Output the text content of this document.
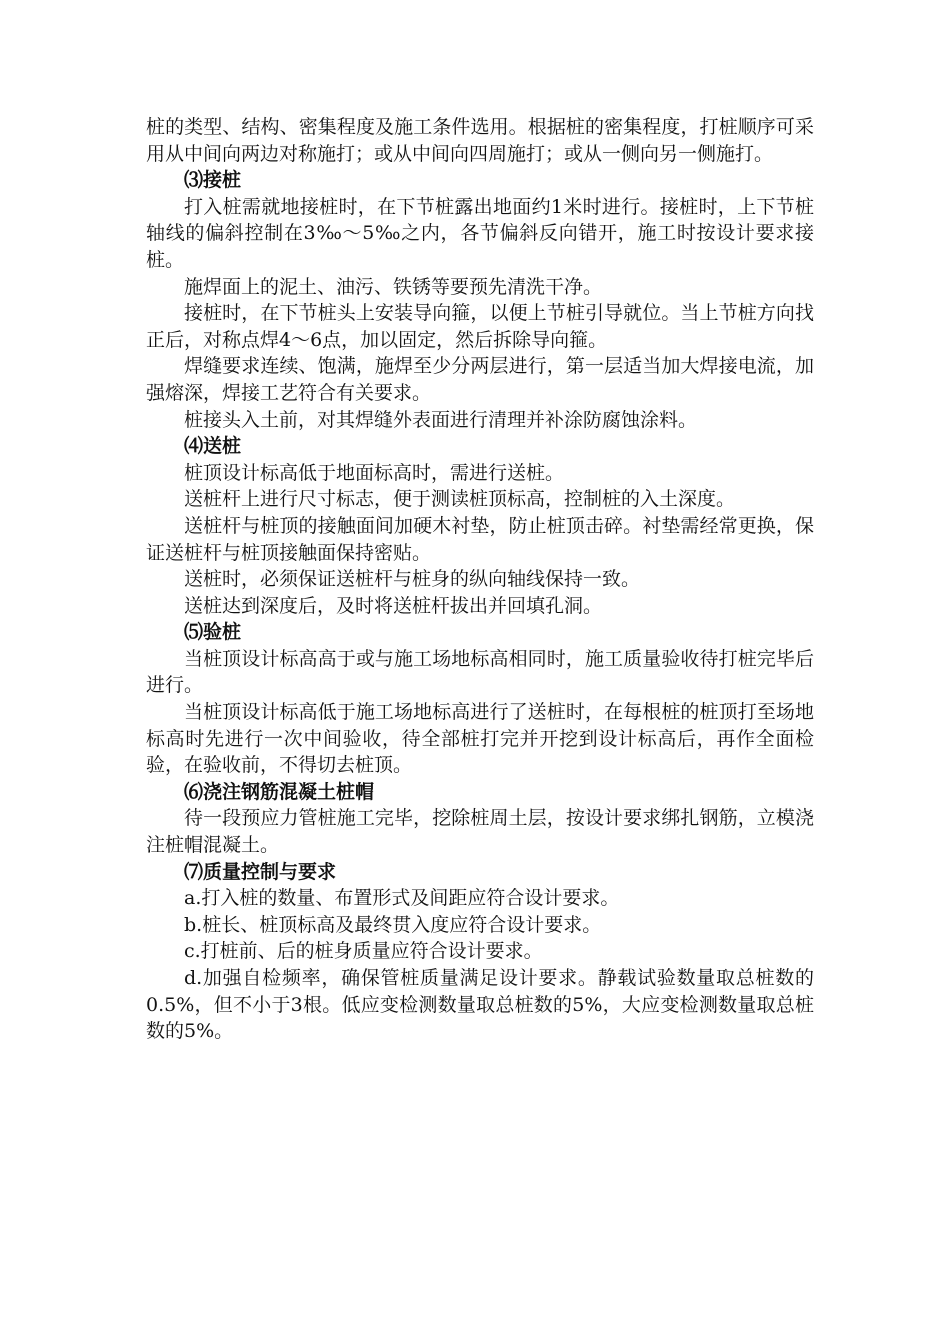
桩的类型、结构、密集程度及施工条件选用。根据桩的密集程度，打桩顺序可采用从中间向两边对称施打；或从中间向四周施打；或从一侧向另一侧施打。

⑶接桩

打入桩需就地接桩时，在下节桩露出地面约1米时进行。接桩时，上下节桩轴线的偏斜控制在3‰～5‰之内，各节偏斜反向错开，施工时按设计要求接桩。

施焊面上的泥土、油污、铁锈等要预先清洗干净。

接桩时，在下节桩头上安装导向箍，以便上节桩引导就位。当上节桩方向找正后，对称点焊4～6点，加以固定，然后拆除导向箍。

焊缝要求连续、饱满，施焊至少分两层进行，第一层适当加大焊接电流，加强熔深，焊接工艺符合有关要求。

桩接头入土前，对其焊缝外表面进行清理并补涂防腐蚀涂料。

⑷送桩

桩顶设计标高低于地面标高时，需进行送桩。

送桩杆上进行尺寸标志，便于测读桩顶标高，控制桩的入土深度。

送桩杆与桩顶的接触面间加硬木衬垫，防止桩顶击碎。衬垫需经常更换，保证送桩杆与桩顶接触面保持密贴。

送桩时，必须保证送桩杆与桩身的纵向轴线保持一致。

送桩达到深度后，及时将送桩杆拔出并回填孔洞。

⑸验桩

当桩顶设计标高高于或与施工场地标高相同时，施工质量验收待打桩完毕后进行。

当桩顶设计标高低于施工场地标高进行了送桩时，在每根桩的桩顶打至场地标高时先进行一次中间验收，待全部桩打完并开挖到设计标高后，再作全面检验，在验收前，不得切去桩顶。

⑹浇注钢筋混凝土桩帽

待一段预应力管桩施工完毕，挖除桩周土层，按设计要求绑扎钢筋，立模浇注桩帽混凝土。

⑺质量控制与要求

a.打入桩的数量、布置形式及间距应符合设计要求。

b.桩长、桩顶标高及最终贯入度应符合设计要求。

c.打桩前、后的桩身质量应符合设计要求。

d.加强自检频率，确保管桩质量满足设计要求。静载试验数量取总桩数的0.5%，但不小于3根。低应变检测数量取总桩数的5%，大应变检测数量取总桩数的5%。
